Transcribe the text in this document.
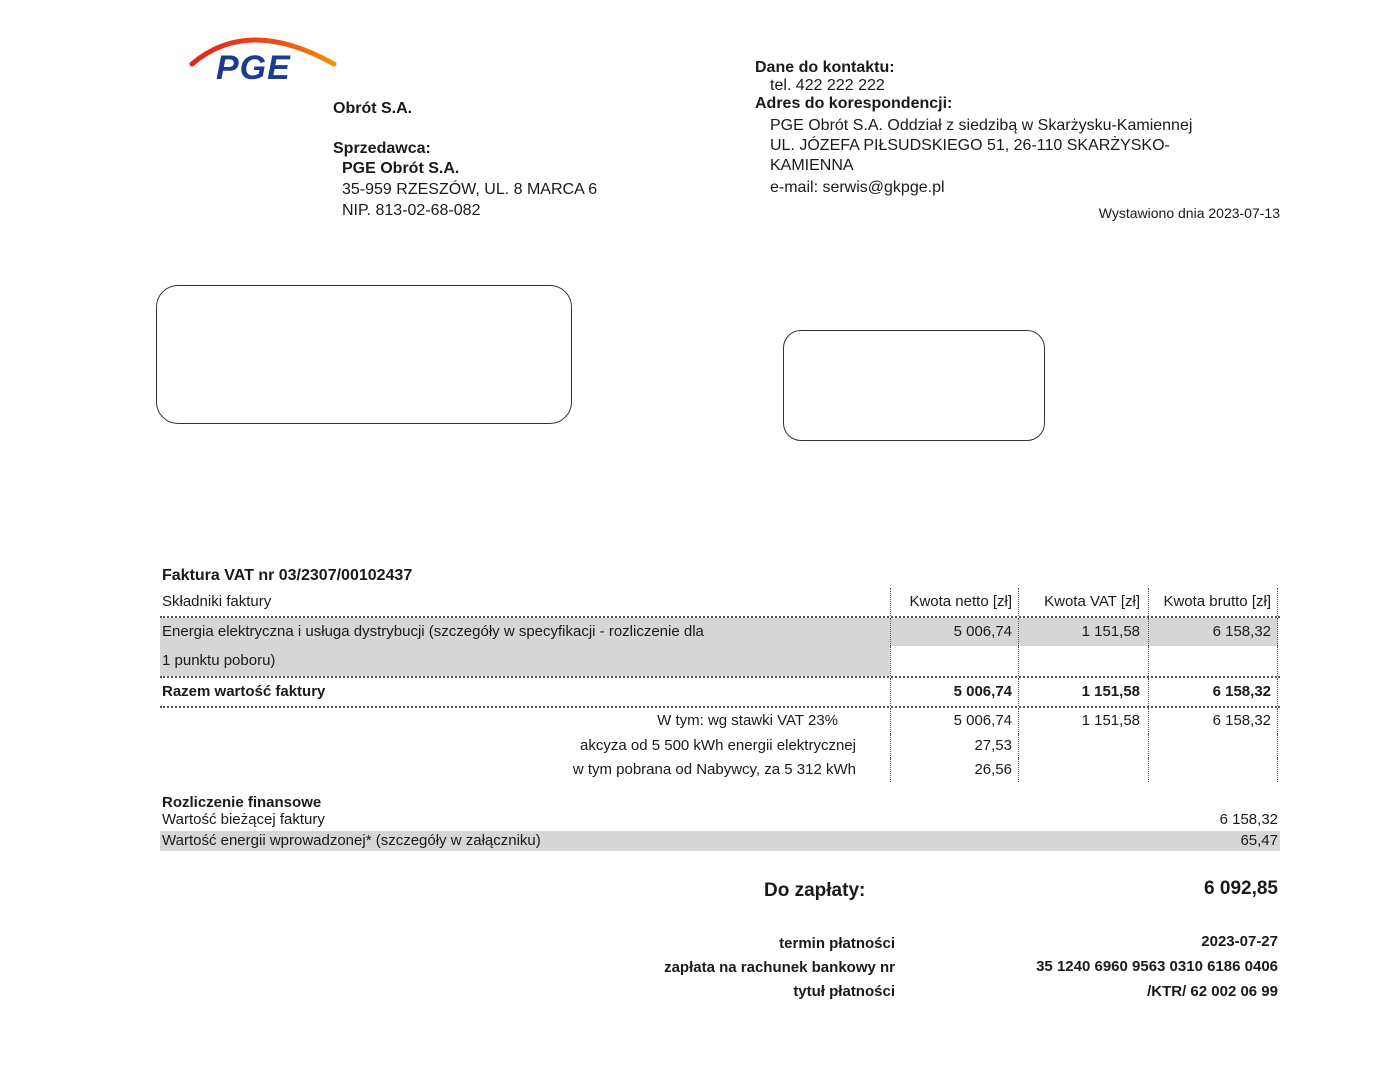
PGE
Obrót S.A.
Sprzedawca:
PGE Obrót S.A.
35-959 RZESZÓW, UL. 8 MARCA 6
NIP. 813-02-68-082
Dane do kontaktu:
tel. 422 222 222
Adres do korespondencji:
PGE Obrót S.A. Oddział z siedzibą w Skarżysku-Kamiennej
UL. JÓZEFA PIŁSUDSKIEGO 51, 26-110 SKARŻYSKO-
KAMIENNA
e-mail: serwis@gkpge.pl
Wystawiono dnia 2023-07-13
Faktura VAT nr 03/2307/00102437
Składniki faktury	Kwota netto [zł]	Kwota VAT [zł]	Kwota brutto [zł]
Energia elektryczna i usługa dystrybucji (szczegóły w specyfikacji - rozliczenie dla	5 006,74	1 151,58	6 158,32
1 punktu poboru)
Razem wartość faktury	5 006,74	1 151,58	6 158,32
W tym: wg stawki VAT 23%	5 006,74	1 151,58	6 158,32
akcyza od 5 500 kWh energii elektrycznej	27,53
w tym pobrana od Nabywcy, za 5 312 kWh	26,56
Rozliczenie finansowe
Wartość bieżącej faktury	6 158,32
Wartość energii wprowadzonej* (szczegóły w załączniku)	65,47
Do zapłaty:	6 092,85
termin płatności	2023-07-27
zapłata na rachunek bankowy nr	35 1240 6960 9563 0310 6186 0406
tytuł płatności	/KTR/ 62 002 06 99
